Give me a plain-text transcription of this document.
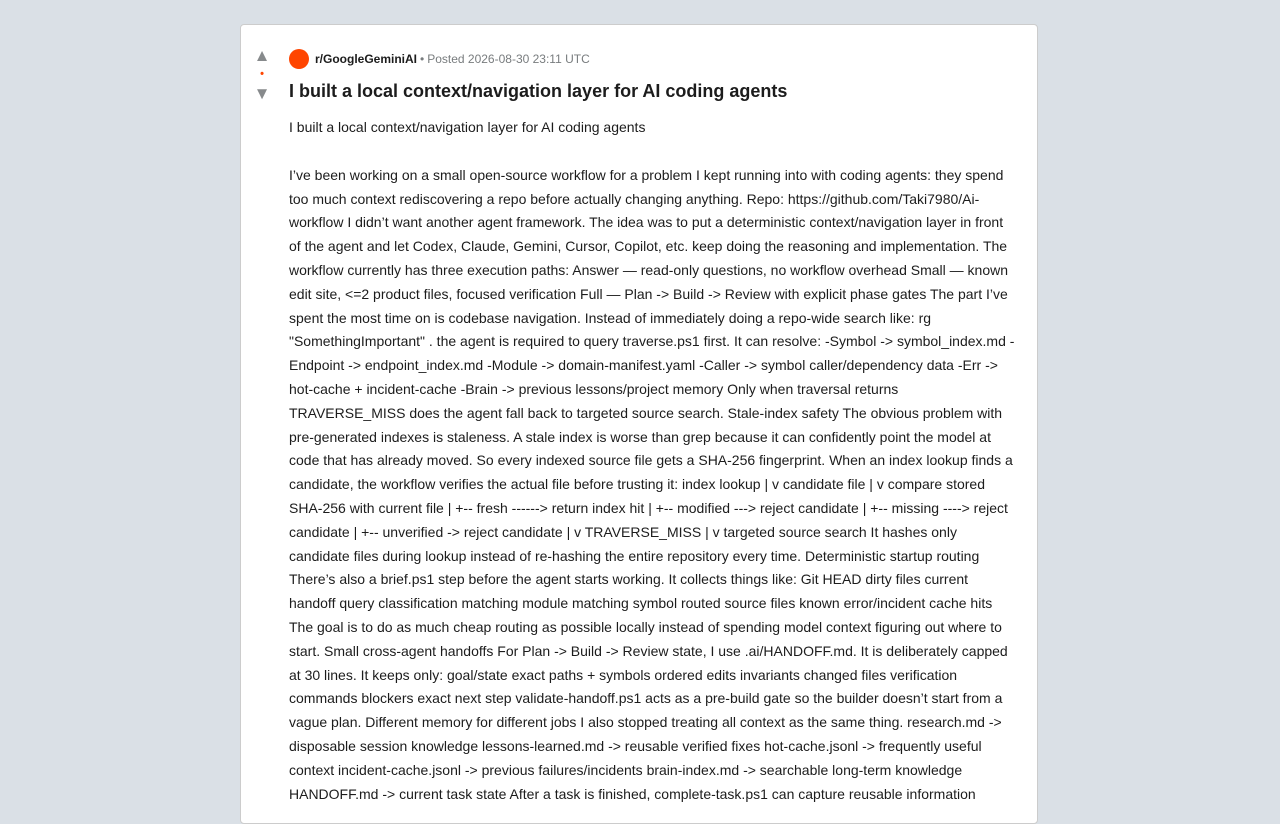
▲
•
▼
r/GoogleGeminiAI • Posted 2026-08-30 23:11 UTC
I built a local context/navigation layer for AI coding agents

I built a local context/navigation layer for AI coding agents

I’ve been working on a small open-source workflow for a problem I kept running into with coding agents: they spend too much context rediscovering a repo before actually changing anything. Repo: https://github.com/Taki7980/Ai-workflow I didn’t want another agent framework. The idea was to put a deterministic context/navigation layer in front of the agent and let Codex, Claude, Gemini, Cursor, Copilot, etc. keep doing the reasoning and implementation. The workflow currently has three execution paths: Answer — read-only questions, no workflow overhead Small — known edit site, <=2 product files, focused verification Full — Plan -> Build -> Review with explicit phase gates The part I’ve spent the most time on is codebase navigation. Instead of immediately doing a repo-wide search like: rg "SomethingImportant" . the agent is required to query traverse.ps1 first. It can resolve: -Symbol -> symbol_index.md -Endpoint -> endpoint_index.md -Module -> domain-manifest.yaml -Caller -> symbol caller/dependency data -Err -> hot-cache + incident-cache -Brain -> previous lessons/project memory Only when traversal returns TRAVERSE_MISS does the agent fall back to targeted source search. Stale-index safety The obvious problem with pre-generated indexes is staleness. A stale index is worse than grep because it can confidently point the model at code that has already moved. So every indexed source file gets a SHA-256 fingerprint. When an index lookup finds a candidate, the workflow verifies the actual file before trusting it: index lookup | v candidate file | v compare stored SHA-256 with current file | +-- fresh ------> return index hit | +-- modified ---> reject candidate | +-- missing ----> reject candidate | +-- unverified -> reject candidate | v TRAVERSE_MISS | v targeted source search It hashes only candidate files during lookup instead of re-hashing the entire repository every time. Deterministic startup routing There’s also a brief.ps1 step before the agent starts working. It collects things like: Git HEAD dirty files current handoff query classification matching module matching symbol routed source files known error/incident cache hits The goal is to do as much cheap routing as possible locally instead of spending model context figuring out where to start. Small cross-agent handoffs For Plan -> Build -> Review state, I use .ai/HANDOFF.md. It is deliberately capped at 30 lines. It keeps only: goal/state exact paths + symbols ordered edits invariants changed files verification commands blockers exact next step validate-handoff.ps1 acts as a pre-build gate so the builder doesn’t start from a vague plan. Different memory for different jobs I also stopped treating all context as the same thing. research.md -> disposable session knowledge lessons-learned.md -> reusable verified fixes hot-cache.jsonl -> frequently useful context incident-cache.jsonl -> previous failures/incidents brain-index.md -> searchable long-term knowledge HANDOFF.md -> current task state After a task is finished, complete-task.ps1 can capture reusable information
